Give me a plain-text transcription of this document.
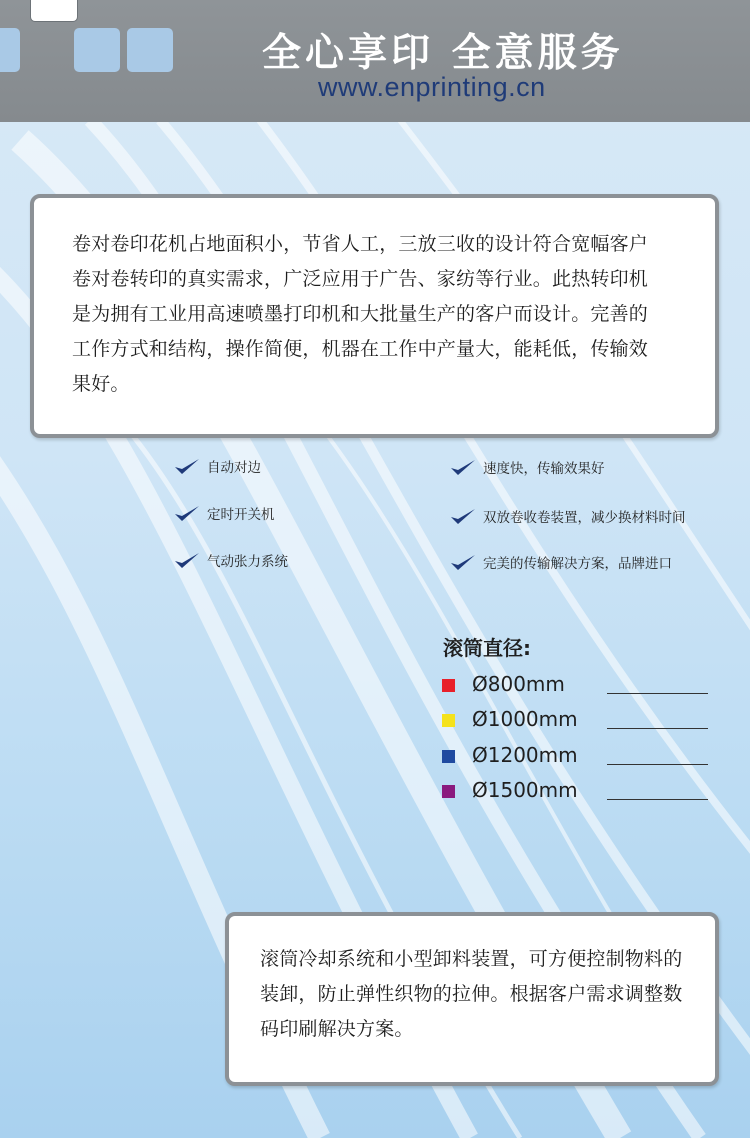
全心享印 全意服务
www.enprinting.cn

卷对卷印花机占地面积小，节省人工，三放三收的设计符合宽幅客户

卷对卷转印的真实需求，广泛应用于广告、家纺等行业。此热转印机

是为拥有工业用高速喷墨打印机和大批量生产的客户而设计。完善的

工作方式和结构，操作简便，机器在工作中产量大，能耗低，传输效

果好。

自动对边
定时开关机
气动张力系统
速度快，传输效果好
双放卷收卷装置，减少换材料时间
完美的传输解决方案，品牌进口
滚筒直径:
Ø800mm
Ø1000mm
Ø1200mm
Ø1500mm

滚筒冷却系统和小型卸料装置，可方便控制物料的

装卸，防止弹性织物的拉伸。根据客户需求调整数

码印刷解决方案。
